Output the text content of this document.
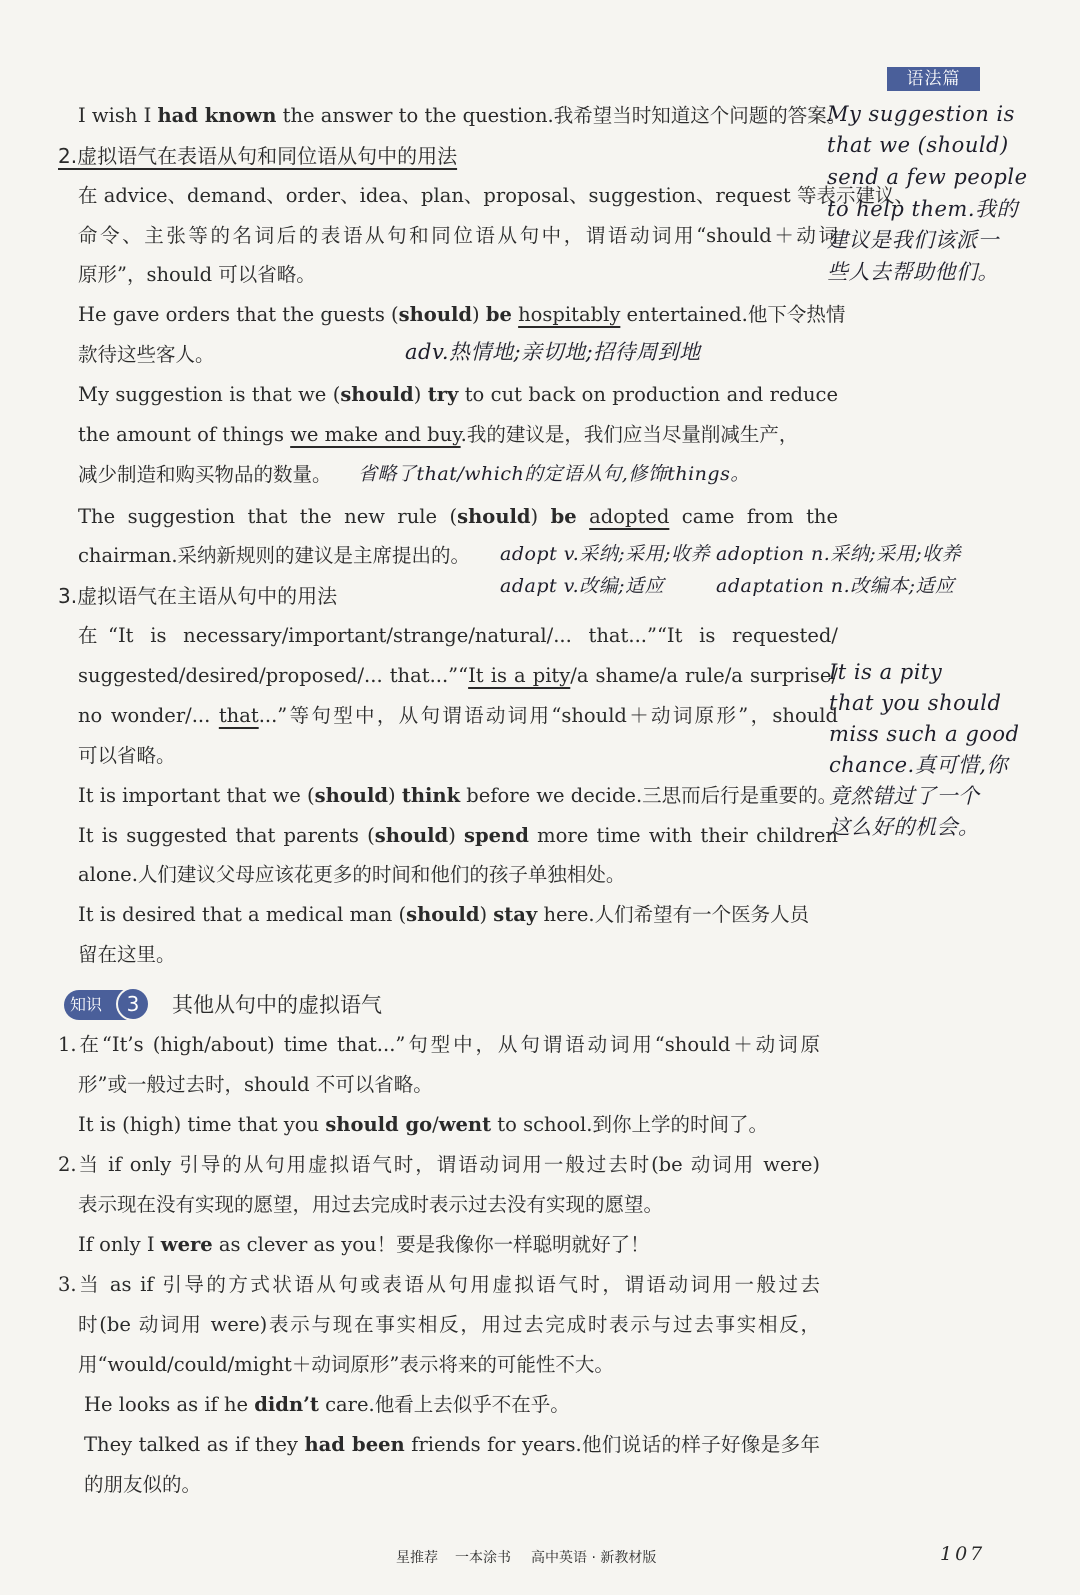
语法篇
I wish I had known the answer to the question.我希望当时知道这个问题的答案。
2.虚拟语气在表语从句和同位语从句中的用法
在 advice、demand、order、idea、plan、proposal、suggestion、request 等表示建议、
命令、主张等的名词后的表语从句和同位语从句中，谓语动词用“should＋动词
原形”，should 可以省略。
He gave orders that the guests (should) be hospitably entertained.他下令热情
款待这些客人。
My suggestion is that we (should) try to cut back on production and reduce
the amount of things we make and buy.我的建议是，我们应当尽量削减生产，
减少制造和购买物品的数量。
The suggestion that the new rule (should) be adopted came from the
chairman.采纳新规则的建议是主席提出的。
3.虚拟语气在主语从句中的用法
在“It is necessary/important/strange/natural/... that...”“It is requested/
suggested/desired/proposed/... that...”“It is a pity/a shame/a rule/a surprise/
no wonder/... that...”等句型中，从句谓语动词用“should＋动词原形”，should
可以省略。
It is important that we (should) think before we decide.三思而后行是重要的。
It is suggested that parents (should) spend more time with their children
alone.人们建议父母应该花更多的时间和他们的孩子单独相处。
It is desired that a medical man (should) stay here.人们希望有一个医务人员
留在这里。
知识	3	其他从句中的虚拟语气
1.在“It’s (high/about) time that...”句型中，从句谓语动词用“should＋动词原
形”或一般过去时，should 不可以省略。
It is (high) time that you should go/went to school.到你上学的时间了。
2.当 if only 引导的从句用虚拟语气时，谓语动词用一般过去时(be 动词用 were)
表示现在没有实现的愿望，用过去完成时表示过去没有实现的愿望。
If only I were as clever as you！要是我像你一样聪明就好了！
3.当 as if 引导的方式状语从句或表语从句用虚拟语气时，谓语动词用一般过去
时(be 动词用 were)表示与现在事实相反，用过去完成时表示与过去事实相反，
用“would/could/might＋动词原形”表示将来的可能性不大。
He looks as if he didn’t care.他看上去似乎不在乎。
They talked as if they had been friends for years.他们说话的样子好像是多年
的朋友似的。
My suggestion is
that we (should)
send a few people
to help them.我的
建议是我们该派一
些人去帮助他们。
adv.热情地;亲切地;招待周到地
省略了that/which的定语从句,修饰things。
adopt v.采纳;采用;收养 adoption n.采纳;采用;收养
adapt v.改编;适应	adaptation n.改编本;适应
It is a pity
that you should
miss such a good
chance.真可惜,你
竟然错过了一个
这么好的机会。
星推荐 一本涂书 高中英语 · 新教材版	107
